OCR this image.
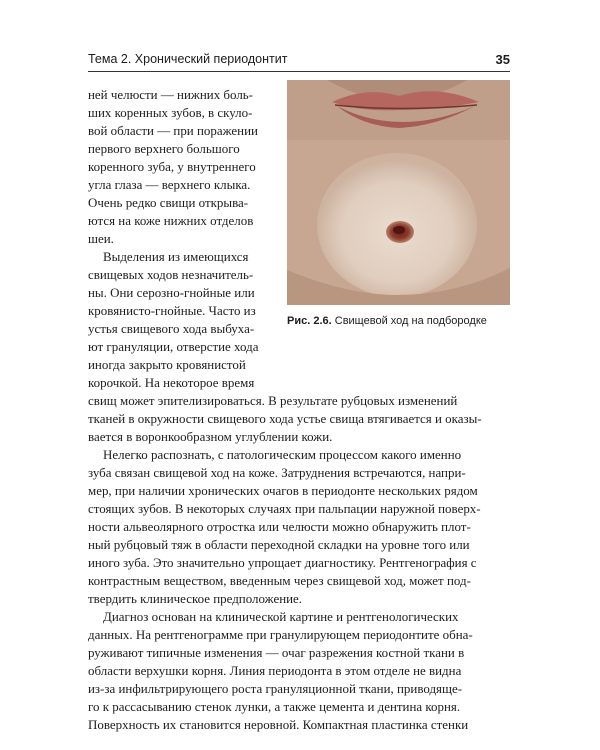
Тема 2. Хронический периодонтит	35
Рис. 2.6. Свищевой ход на подбородке
ней челюсти — нижних боль-
ших коренных зубов, в скуло-
вой области — при поражении
первого верхнего большого
коренного зуба, у внутреннего
угла глаза — верхнего клыка.
Очень редко свищи открыва-
ются на коже нижних отделов
шеи.
Выделения из имеющихся
свищевых ходов незначитель-
ны. Они серозно-гнойные или
кровянисто-гнойные. Часто из
устья свищевого хода выбуха-
ют грануляции, отверстие хода
иногда закрыто кровянистой
корочкой. На некоторое время
свищ может эпителизироваться. В результате рубцовых изменений
тканей в окружности свищевого хода устье свища втягивается и оказы-
вается в воронкообразном углублении кожи.
Нелегко распознать, с патологическим процессом какого именно
зуба связан свищевой ход на коже. Затруднения встречаются, напри-
мер, при наличии хронических очагов в периодонте нескольких рядом
стоящих зубов. В некоторых случаях при пальпации наружной поверх-
ности альвеолярного отростка или челюсти можно обнаружить плот-
ный рубцовый тяж в области переходной складки на уровне того или
иного зуба. Это значительно упрощает диагностику. Рентгенография с
контрастным веществом, введенным через свищевой ход, может под-
твердить клиническое предположение.
Диагноз основан на клинической картине и рентгенологических
данных. На рентгенограмме при гранулирующем периодонтите обна-
руживают типичные изменения — очаг разрежения костной ткани в
области верхушки корня. Линия периодонта в этом отделе не видна
из-за инфильтрирующего роста грануляционной ткани, приводяще-
го к рассасыванию стенок лунки, а также цемента и дентина корня.
Поверхность их становится неровной. Компактная пластинка стенки
